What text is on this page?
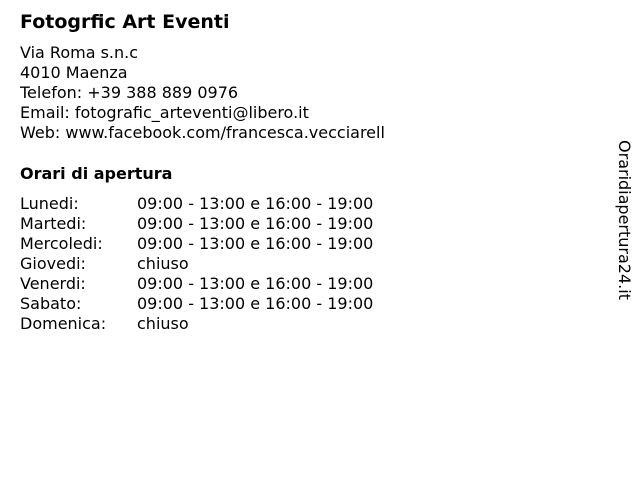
Fotogrfic Art Eventi
Via Roma s.n.c
4010 Maenza
Telefon: +39 388 889 0976
Email: fotografic_arteventi@libero.it
Web: www.facebook.com/francesca.vecciarell
Orari di apertura
Lunedi:	09:00 - 13:00 e 16:00 - 19:00
Martedi:	09:00 - 13:00 e 16:00 - 19:00
Mercoledi: 09:00 - 13:00 e 16:00 - 19:00
Giovedi:	chiuso
Venerdi:	09:00 - 13:00 e 16:00 - 19:00
Sabato:	09:00 - 13:00 e 16:00 - 19:00
Domenica: chiuso
Oraridiapertura24.it
